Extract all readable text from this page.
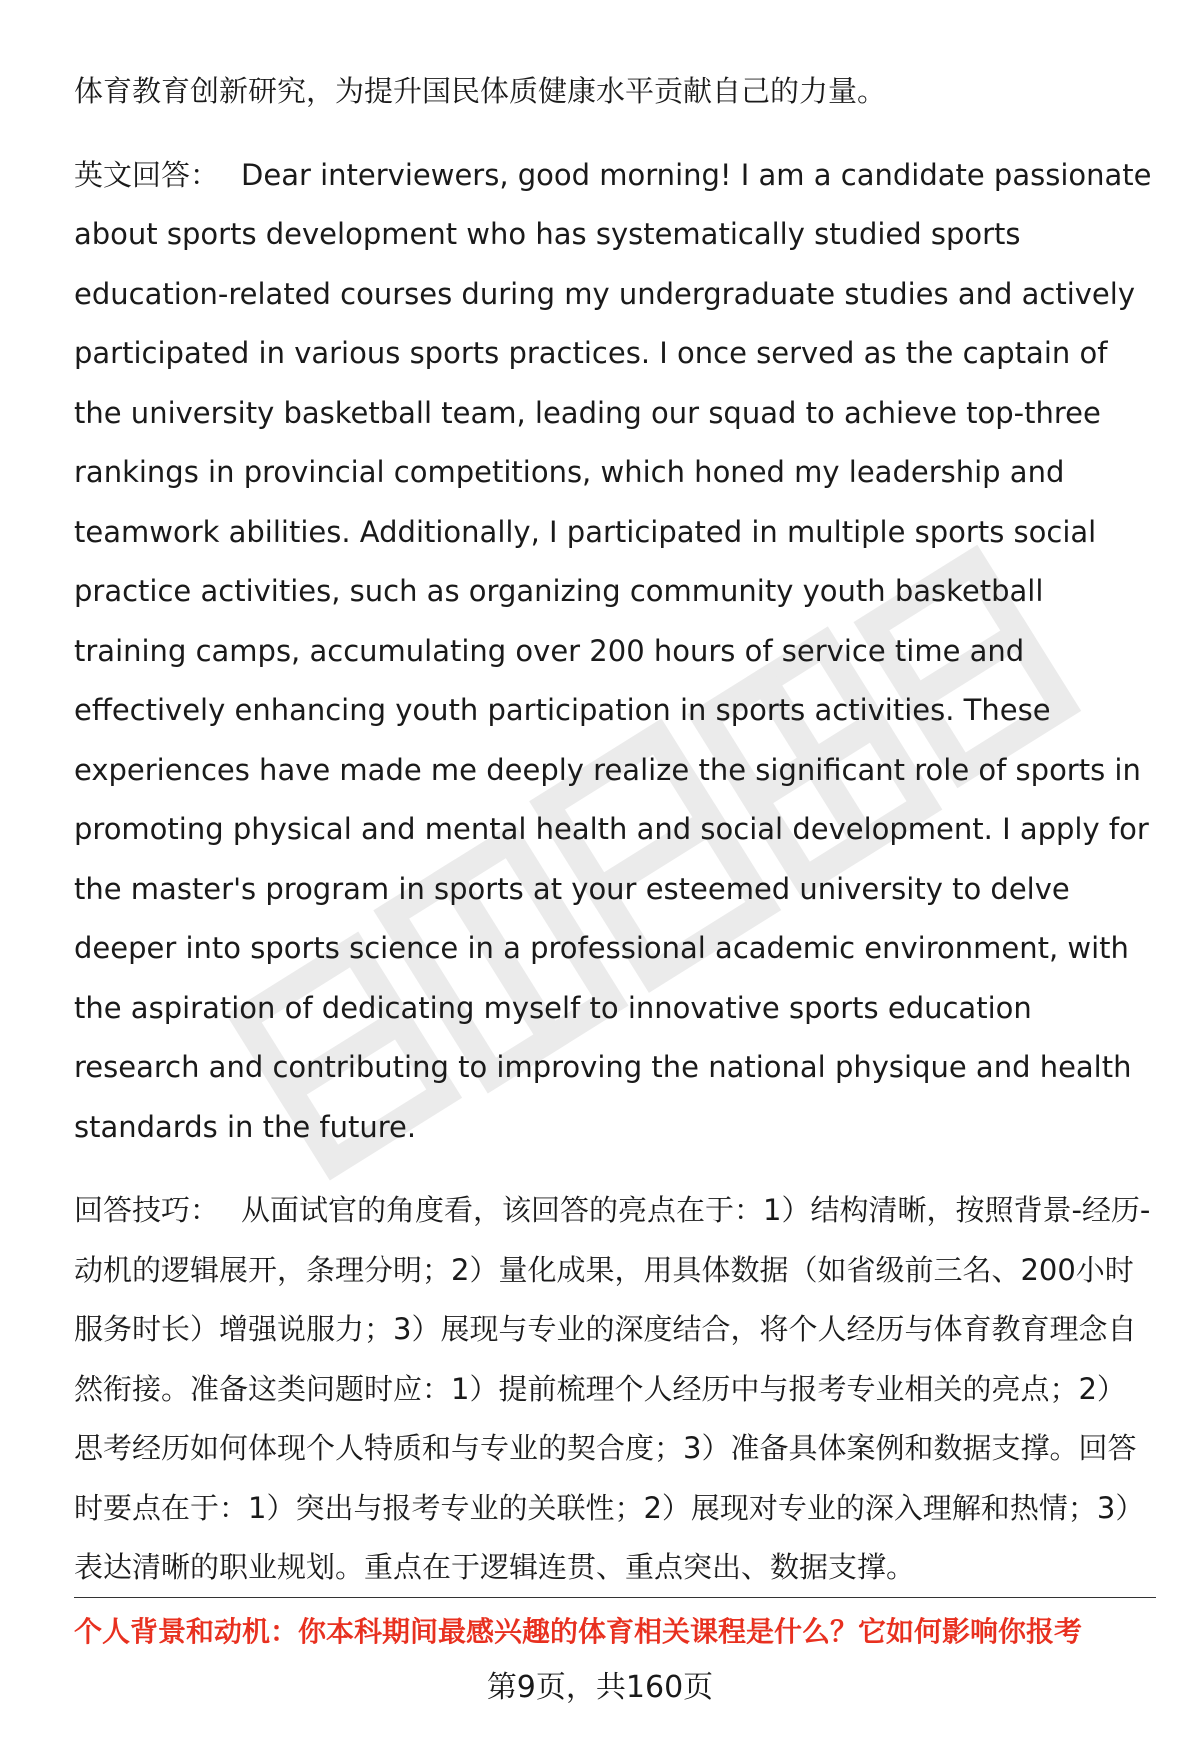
体育教育创新研究，为提升国民体质健康水平贡献自己的力量。

英文回答： Dear interviewers, good morning! I am a candidate passionate about sports development who has systematically studied sports education-related courses during my undergraduate studies and actively participated in various sports practices. I once served as the captain of the university basketball team, leading our squad to achieve top-three rankings in provincial competitions, which honed my leadership and teamwork abilities. Additionally, I participated in multiple sports social practice activities, such as organizing community youth basketball training camps, accumulating over 200 hours of service time and effectively enhancing youth participation in sports activities. These experiences have made me deeply realize the significant role of sports in promoting physical and mental health and social development. I apply for the master's program in sports at your esteemed university to delve deeper into sports science in a professional academic environment, with the aspiration of dedicating myself to innovative sports education research and contributing to improving the national physique and health standards in the future.

回答技巧： 从面试官的角度看，该回答的亮点在于：1）结构清晰，按照背景-经历-动机的逻辑展开，条理分明；2）量化成果，用具体数据（如省级前三名、200小时服务时长）增强说服力；3）展现与专业的深度结合，将个人经历与体育教育理念自然衔接。准备这类问题时应：1）提前梳理个人经历中与报考专业相关的亮点；2）思考经历如何体现个人特质和与专业的契合度；3）准备具体案例和数据支撑。回答时要点在于：1）突出与报考专业的关联性；2）展现对专业的深入理解和热情；3）表达清晰的职业规划。重点在于逻辑连贯、重点突出、数据支撑。

个人背景和动机：你本科期间最感兴趣的体育相关课程是什么？它如何影响你报考
第9页，共160页
